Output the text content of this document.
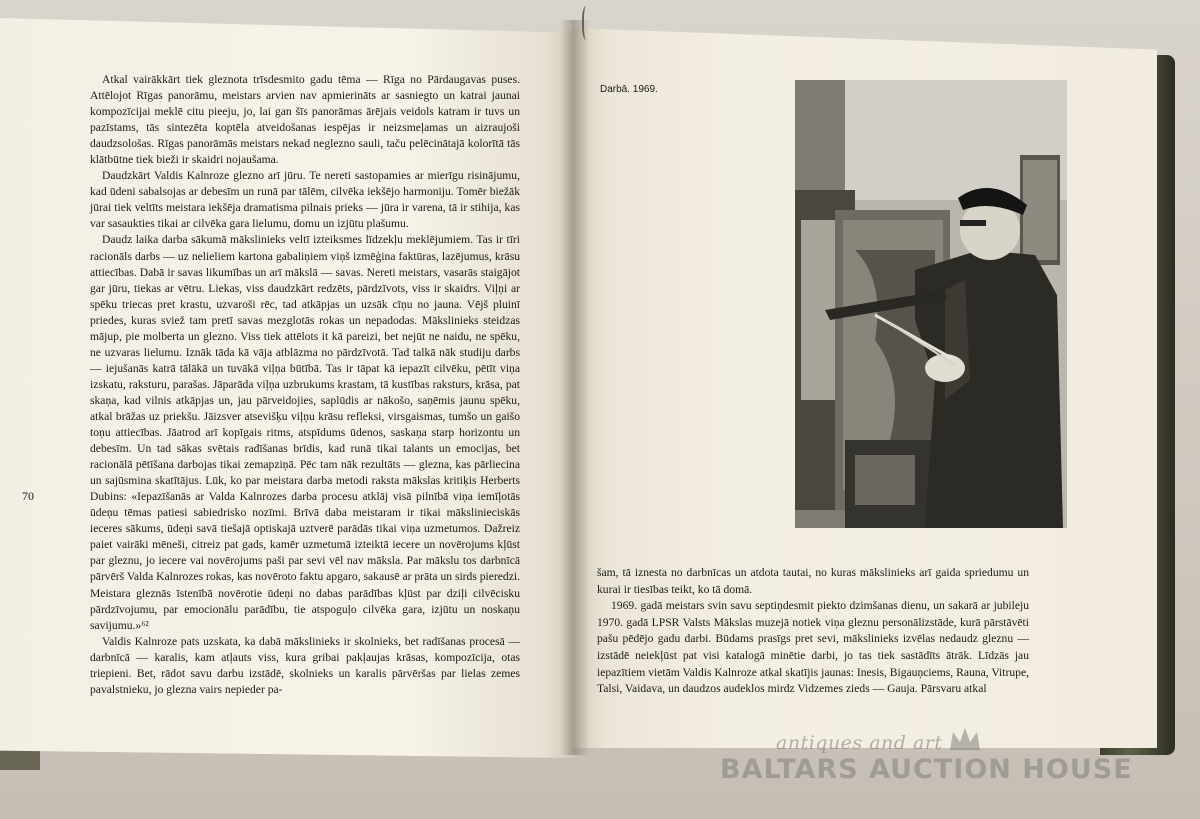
Atkal vairākkārt tiek gleznota trīsdesmito gadu tēma — Rīga no Pārdaugavas puses. Attēlojot Rīgas panorāmu, meistars arvien nav apmierināts ar sasniegto un katrai jaunai kompozīcijai meklē citu pieeju, jo, lai gan šīs panorāmas ārējais veidols katram ir tuvs un pazīstams, tās sintezēta koptēla atveidošanas iespējas ir neizsmeļamas un aizraujoši daudzsološas. Rīgas panorāmās meistars nekad neglezno sauli, taču pelēcinātajā kolorītā tās klātbūtne tiek bieži ir skaidri nojaušama.

Daudzkārt Valdis Kalnroze glezno arī jūru. Te nereti sastopamies ar mierīgu risinājumu, kad ūdeni sabalsojas ar debesīm un runā par tālēm, cilvēka iekšējo harmoniju. Tomēr biežāk jūrai tiek veltīts meistara iekšēja dramatisma pilnais prieks — jūra ir varena, tā ir stihija, kas var sasaukties tikai ar cilvēka gara lielumu, domu un izjūtu plašumu.

Daudz laika darba sākumā mākslinieks veltī izteiksmes līdzekļu meklējumiem. Tas ir tīri racionāls darbs — uz nelieliem kartona gabaliņiem viņš izmēģina faktūras, lazējumus, krāsu attiecības. Dabā ir savas likumības un arī mākslā — savas. Nereti meistars, vasarās staigājot gar jūru, tiekas ar vētru. Liekas, viss daudzkārt redzēts, pārdzīvots, viss ir skaidrs. Viļņi ar spēku triecas pret krastu, uzvaroši rēc, tad atkāpjas un uzsāk cīņu no jauna. Vējš pluinī priedes, kuras sviež tam pretī savas mezglotās rokas un nepadodas. Mākslinieks steidzas mājup, pie molberta un glezno. Viss tiek attēlots it kā pareizi, bet nejūt ne naidu, ne spēku, ne uzvaras lielumu. Iznāk tāda kā vāja atblāzma no pārdzīvotā. Tad talkā nāk studiju darbs — iejušanās katrā tālākā un tuvākā viļņa būtībā. Tas ir tāpat kā iepazīt cilvēku, pētīt viņa izskatu, raksturu, parašas. Jāparāda viļņa uzbrukums krastam, tā kustības raksturs, krāsa, pat skaņa, kad vilnis atkāpjas un, jau pārveidojies, saplūdis ar nākošo, saņēmis jaunu spēku, atkal brāžas uz priekšu. Jāizsver atsevišķu viļņu krāsu refleksi, virsgaismas, tumšo un gaišo toņu attiecības. Jāatrod arī kopīgais ritms, atspīdums ūdenos, saskaņa starp horizontu un debesīm. Un tad sākas svētais radīšanas brīdis, kad runā tikai talants un emocijas, bet racionālā pētīšana darbojas tikai zemapziņā. Pēc tam nāk rezultāts — glezna, kas pārliecina un sajūsmina skatītājus. Lūk, ko par meistara darba metodi raksta mākslas kritiķis Herberts Dubins: «Iepazīšanās ar Valda Kalnrozes darba procesu atklāj visā pilnībā viņa iemīļotās ūdeņu tēmas patiesi sabiedrisko nozīmi. Brīvā daba meistaram ir tikai mākslinieciskās ieceres sākums, ūdeņi savā tiešajā optiskajā uztverē parādās tikai viņa uzmetumos. Dažreiz paiet vairāki mēneši, citreiz pat gads, kamēr uzmetumā izteiktā iecere un novērojums kļūst par gleznu, jo iecere vai novērojums paši par sevi vēl nav māksla. Par mākslu tos darbnīcā pārvērš Valda Kalnrozes rokas, kas novēroto faktu apgaro, sakausē ar prāta un sirds pieredzi. Meistara gleznās īstenībā novērotie ūdeņi no dabas parādības kļūst par dziļi cilvēcisku pārdzīvojumu, par emocionālu parādību, tie atspoguļo cilvēka gara, izjūtu un noskaņu savijumu.»⁶²

Valdis Kalnroze pats uzskata, ka dabā mākslinieks ir skolnieks, bet radīšanas procesā — darbnīcā — karalis, kam atļauts viss, kura gribai pakļaujas krāsas, kompozīcija, otas triepieni. Bet, rādot savu darbu izstādē, skolnieks un karalis pārvēršas par lielas zemes pavalstnieku, jo glezna vairs nepieder pa-

70
Darbā. 1969.

šam, tā iznesta no darbnīcas un atdota tautai, no kuras mākslinieks arī gaida spriedumu un kurai ir tiesības teikt, ko tā domā.

1969. gadā meistars svin savu septiņdesmit piekto dzimšanas dienu, un sakarā ar jubileju 1970. gadā LPSR Valsts Mākslas muzejā notiek viņa gleznu personālizstāde, kurā pārstāvēti pašu pēdējo gadu darbi. Būdams prasīgs pret sevi, mākslinieks izvēlas nedaudz gleznu — izstādē neiekļūst pat visi katalogā minētie darbi, jo tas tiek sastādīts ātrāk. Līdzās jau iepazītiem vietām Valdis Kalnroze atkal skatījis jaunas: Inesis, Bigauņciems, Rauna, Vitrupe, Talsi, Vaidava, un daudzos audeklos mirdz Vidzemes zieds — Gauja. Pārsvaru atkal

antiques and art
BALTARS AUCTION HOUSE
